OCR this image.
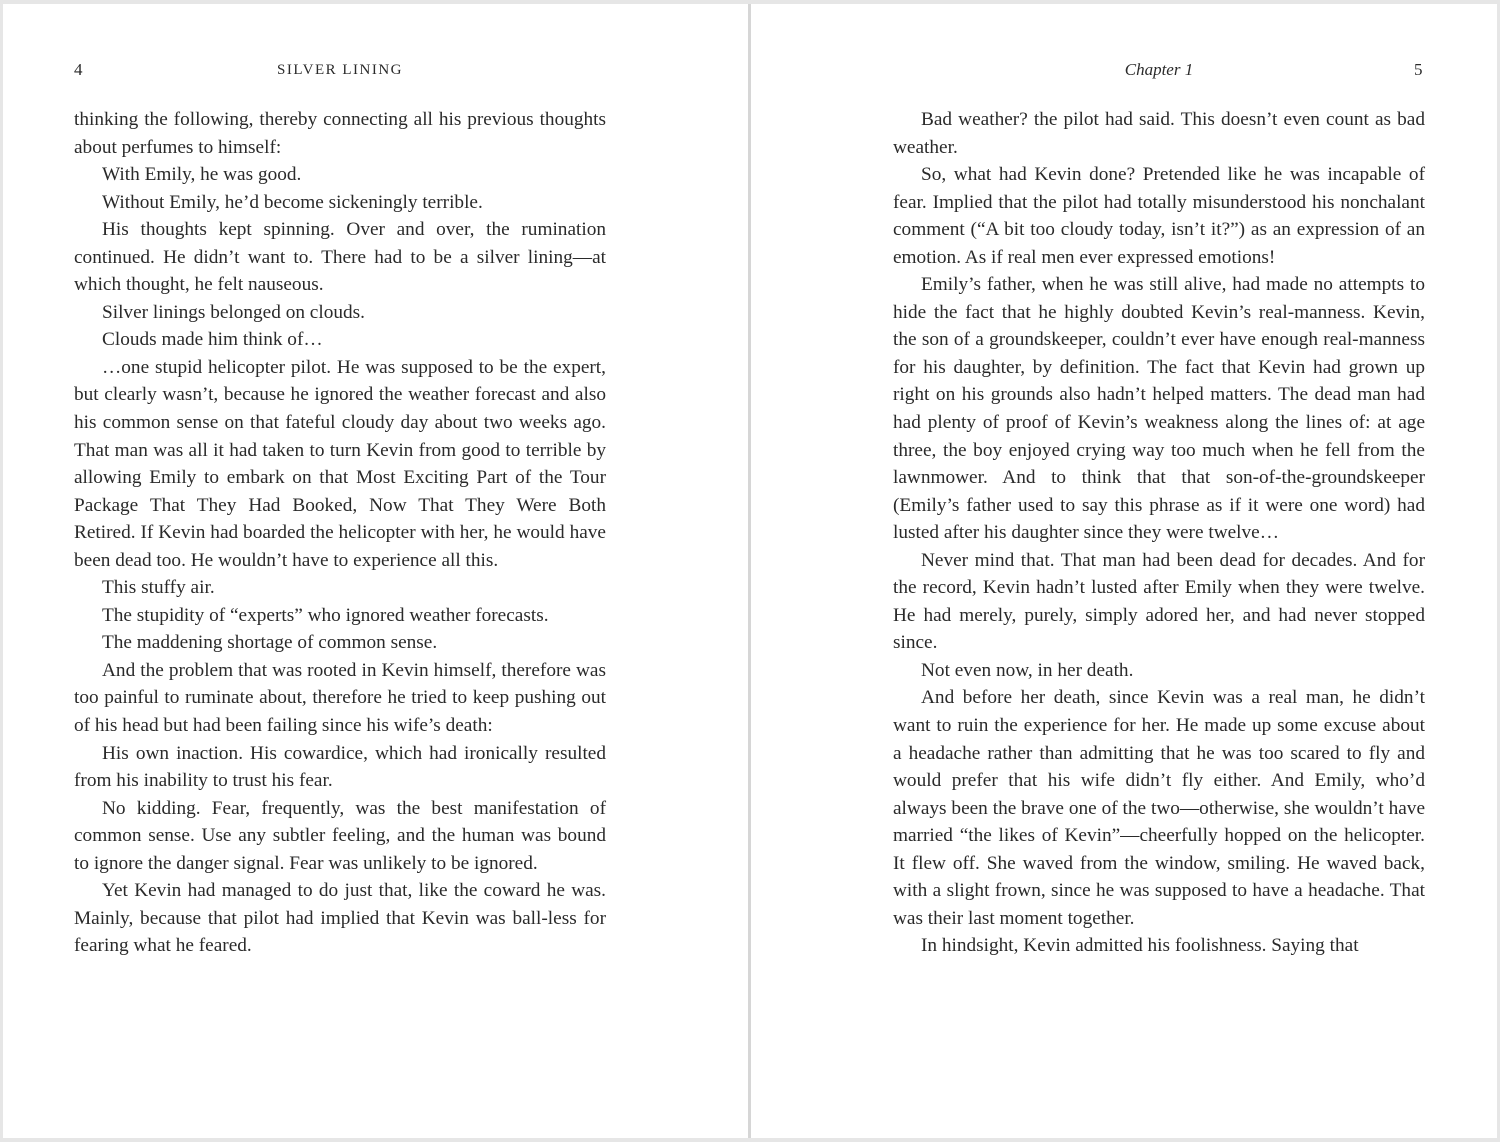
4	SILVER LINING

thinking the following, thereby connecting all his previous thoughts about perfumes to himself:

With Emily, he was good.

Without Emily, he’d become sickeningly terrible.

His thoughts kept spinning. Over and over, the rumination continued. He didn’t want to. There had to be a silver lining—at which thought, he felt nauseous.

Silver linings belonged on clouds.

Clouds made him think of…

…one stupid helicopter pilot. He was supposed to be the expert, but clearly wasn’t, because he ignored the weather forecast and also his common sense on that fateful cloudy day about two weeks ago. That man was all it had taken to turn Kevin from good to terrible by allowing Emily to embark on that Most Exciting Part of the Tour Package That They Had Booked, Now That They Were Both Retired. If Kevin had boarded the helicopter with her, he would have been dead too. He wouldn’t have to experience all this.

This stuffy air.

The stupidity of “experts” who ignored weather forecasts.

The maddening shortage of common sense.

And the problem that was rooted in Kevin himself, therefore was too painful to ruminate about, therefore he tried to keep pushing out of his head but had been failing since his wife’s death:

His own inaction. His cowardice, which had ironically resulted from his inability to trust his fear.

No kidding. Fear, frequently, was the best manifestation of common sense. Use any subtler feeling, and the human was bound to ignore the danger signal. Fear was unlikely to be ignored.

Yet Kevin had managed to do just that, like the coward he was. Mainly, because that pilot had implied that Kevin was ball-less for fearing what he feared.

Chapter 1	5

Bad weather? the pilot had said. This doesn’t even count as bad weather.

So, what had Kevin done? Pretended like he was incapable of fear. Implied that the pilot had totally misunderstood his nonchalant comment (“A bit too cloudy today, isn’t it?”) as an expression of an emotion. As if real men ever expressed emotions!

Emily’s father, when he was still alive, had made no attempts to hide the fact that he highly doubted Kevin’s real-manness. Kevin, the son of a groundskeeper, couldn’t ever have enough real-manness for his daughter, by definition. The fact that Kevin had grown up right on his grounds also hadn’t helped matters. The dead man had had plenty of proof of Kevin’s weakness along the lines of: at age three, the boy enjoyed crying way too much when he fell from the lawnmower. And to think that that son-of-the-groundskeeper (Emily’s father used to say this phrase as if it were one word) had lusted after his daughter since they were twelve…

Never mind that. That man had been dead for decades. And for the record, Kevin hadn’t lusted after Emily when they were twelve. He had merely, purely, simply adored her, and had never stopped since.

Not even now, in her death.

And before her death, since Kevin was a real man, he didn’t want to ruin the experience for her. He made up some excuse about a headache rather than admitting that he was too scared to fly and would prefer that his wife didn’t fly either. And Emily, who’d always been the brave one of the two—otherwise, she wouldn’t have married “the likes of Kevin”—cheerfully hopped on the helicopter. It flew off. She waved from the window, smiling. He waved back, with a slight frown, since he was supposed to have a headache. That was their last moment together.

In hindsight, Kevin admitted his foolishness. Saying that
